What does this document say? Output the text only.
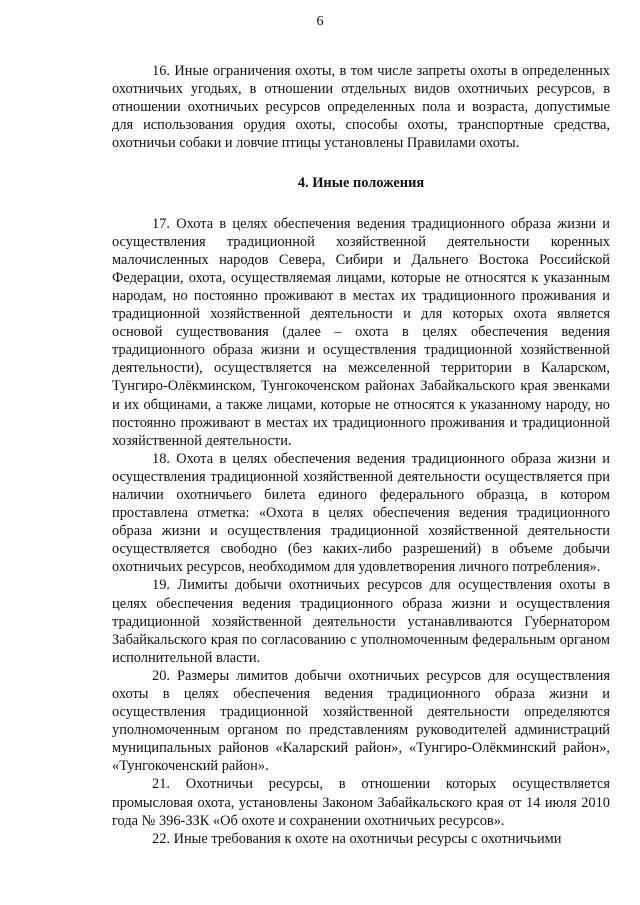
6

16. Иные ограничения охоты, в том числе запреты охоты в определенных охотничьих угодьях, в отношении отдельных видов охотничьих ресурсов, в отношении охотничьих ресурсов определенных пола и возраста, допустимые для использования орудия охоты, способы охоты, транспортные средства, охотничьи собаки и ловчие птицы установлены Правилами охоты.

4. Иные положения

17. Охота в целях обеспечения ведения традиционного образа жизни и осуществления традиционной хозяйственной деятельности коренных малочисленных народов Севера, Сибири и Дальнего Востока Российской Федерации, охота, осуществляемая лицами, которые не относятся к указанным народам, но постоянно проживают в местах их традиционного проживания и традиционной хозяйственной деятельности и для которых охота является основой существования (далее – охота в целях обеспечения ведения традиционного образа жизни и осуществления традиционной хозяйственной деятельности), осуществляется на межселенной территории в Каларском, Тунгиро-Олёкминском, Тунгокоченском районах Забайкальского края эвенками и их общинами, а также лицами, которые не относятся к указанному народу, но постоянно проживают в местах их традиционного проживания и традиционной хозяйственной деятельности.

18. Охота в целях обеспечения ведения традиционного образа жизни и осуществления традиционной хозяйственной деятельности осуществляется при наличии охотничьего билета единого федерального образца, в котором проставлена отметка: «Охота в целях обеспечения ведения традиционного образа жизни и осуществления традиционной хозяйственной деятельности осуществляется свободно (без каких-либо разрешений) в объеме добычи охотничьих ресурсов, необходимом для удовлетворения личного потребления».

19. Лимиты добычи охотничьих ресурсов для осуществления охоты в целях обеспечения ведения традиционного образа жизни и осуществления традиционной хозяйственной деятельности устанавливаются Губернатором Забайкальского края по согласованию с уполномоченным федеральным органом исполнительной власти.

20. Размеры лимитов добычи охотничьих ресурсов для осуществления охоты в целях обеспечения ведения традиционного образа жизни и осуществления традиционной хозяйственной деятельности определяются уполномоченным органом по представлениям руководителей администраций муниципальных районов «Каларский район», «Тунгиро-Олёкминский район», «Тунгокоченский район».

21. Охотничьи ресурсы, в отношении которых осуществляется промысловая охота, установлены Законом Забайкальского края от 14 июля 2010 года № 396-ЗЗК «Об охоте и сохранении охотничьих ресурсов».

22. Иные требования к охоте на охотничьи ресурсы с охотничьими
